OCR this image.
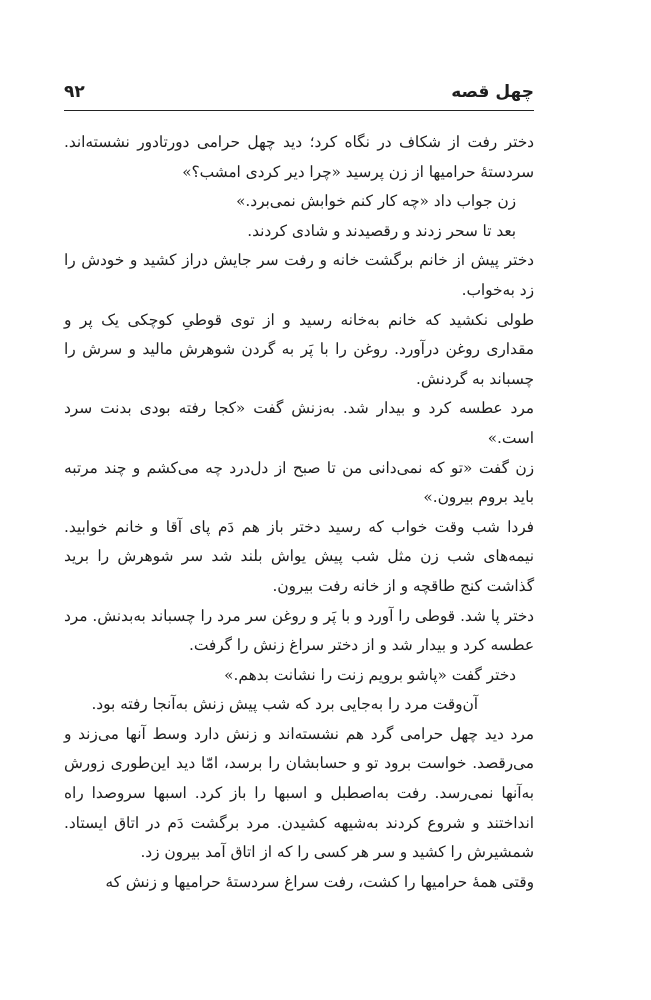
چهل قصه
۹۲

دختر رفت از شکاف در نگاه کرد؛ دید چهل حرامی دورتادور نشسته‌اند. سردستهٔ حرامیها از زن پرسید «چرا دیر کردی امشب؟»

زن جواب داد «چه کار کنم خوابش نمی‌برد.»

بعد تا سحر زدند و رقصیدند و شادی کردند.

دختر پیش از خانم برگشت خانه و رفت سر جایش دراز کشید و خودش را زد به‌خواب.

طولی نکشید که خانم به‌خانه رسید و از توی قوطیِ کوچکی یک پر و مقداری روغن درآورد. روغن را با پَر به گردن شوهرش مالید و سرش را چسباند به گردنش.

مرد عطسه کرد و بیدار شد. به‌زنش گفت «کجا رفته بودی بدنت سرد است.»

زن گفت «تو که نمی‌دانی من تا صبح از دل‌درد چه می‌کشم و چند مرتبه باید بروم بیرون.»

فردا شب وقت خواب که رسید دختر باز هم دَم پای آقا و خانم خوابید. نیمه‌های شب زن مثل شب پیش یواش بلند شد سر شوهرش را برید گذاشت کنج طاقچه و از خانه رفت بیرون.

دختر پا شد. قوطی را آورد و با پَر و روغن سر مرد را چسباند به‌بدنش. مرد عطسه کرد و بیدار شد و از دختر سراغ زنش را گرفت.

دختر گفت «پاشو برویم زنت را نشانت بدهم.»

آن‌وقت مرد را به‌جایی برد که شب پیش زنش به‌آنجا رفته بود.

مرد دید چهل حرامی گرد هم نشسته‌اند و زنش دارد وسط آنها می‌زند و می‌رقصد. خواست برود تو و حسابشان را برسد، امّا دید این‌طوری زورش به‌آنها نمی‌رسد. رفت به‌اصطبل و اسبها را باز کرد. اسبها سروصدا راه انداختند و شروع کردند به‌شیهه کشیدن. مرد برگشت دَم در اتاق ایستاد. شمشیرش را کشید و سر هر کسی را که از اتاق آمد بیرون زد.

وقتی همهٔ حرامیها را کشت، رفت سراغ سردستهٔ حرامیها و زنش که
